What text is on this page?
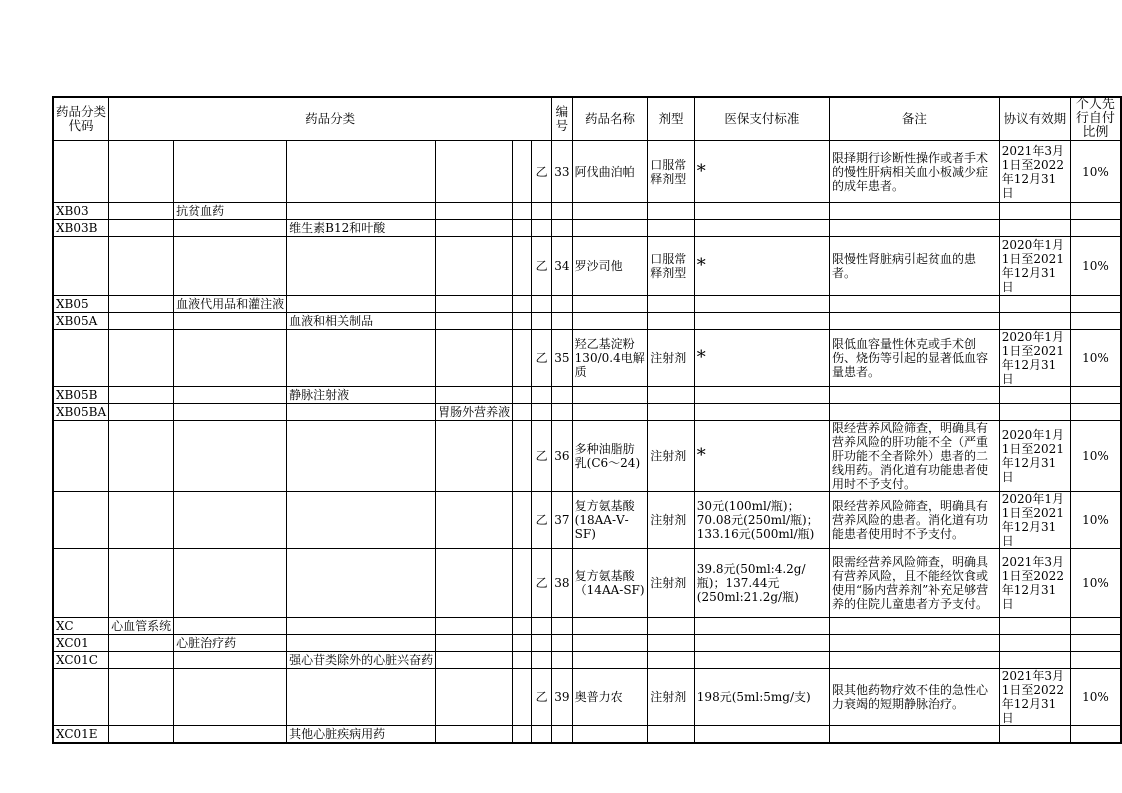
药品分类代码	药品分类						编号	药品名称	剂型	医保支付标准	备注	协议有效期	个人先行自付比例
						乙	33	阿伐曲泊帕	口服常释剂型	*	限择期行诊断性操作或者手术的慢性肝病相关血小板减少症的成年患者。	2021年3月1日至2022年12月31日	10%
XB03		抗贫血药											
XB03B			维生素B12和叶酸										
						乙	34	罗沙司他	口服常释剂型	*	限慢性肾脏病引起贫血的患者。	2020年1月1日至2021年12月31日	10%
XB05		血液代用品和灌注液											
XB05A			血液和相关制品										
						乙	35	羟乙基淀粉130/0.4电解质	注射剂	*	限低血容量性休克或手术创伤、烧伤等引起的显著低血容量患者。	2020年1月1日至2021年12月31日	10%
XB05B			静脉注射液										
XB05BA				胃肠外营养液									
						乙	36	多种油脂肪乳(C6～24)	注射剂	*	限经营养风险筛查，明确具有营养风险的肝功能不全（严重肝功能不全者除外）患者的二线用药。消化道有功能患者使用时不予支付。	2020年1月1日至2021年12月31日	10%
						乙	37	复方氨基酸(18AA-Ⅴ-SF)	注射剂	30元(100ml/瓶)；70.08元(250ml/瓶)；133.16元(500ml/瓶)	限经营养风险筛查，明确具有营养风险的患者。消化道有功能患者使用时不予支付。	2020年1月1日至2021年12月31日	10%
						乙	38	复方氨基酸（14AA-SF)	注射剂	39.8元(50ml:4.2g/瓶)；137.44元(250ml:21.2g/瓶)	限需经营养风险筛查，明确具有营养风险，且不能经饮食或使用“肠内营养剂”补充足够营养的住院儿童患者方予支付。	2021年3月1日至2022年12月31日	10%
XC	心血管系统												
XC01		心脏治疗药											
XC01C			强心苷类除外的心脏兴奋药										
						乙	39	奥普力农	注射剂	198元(5ml:5mg/支)	限其他药物疗效不佳的急性心力衰竭的短期静脉治疗。	2021年3月1日至2022年12月31日	10%
XC01E			其他心脏疾病用药										
